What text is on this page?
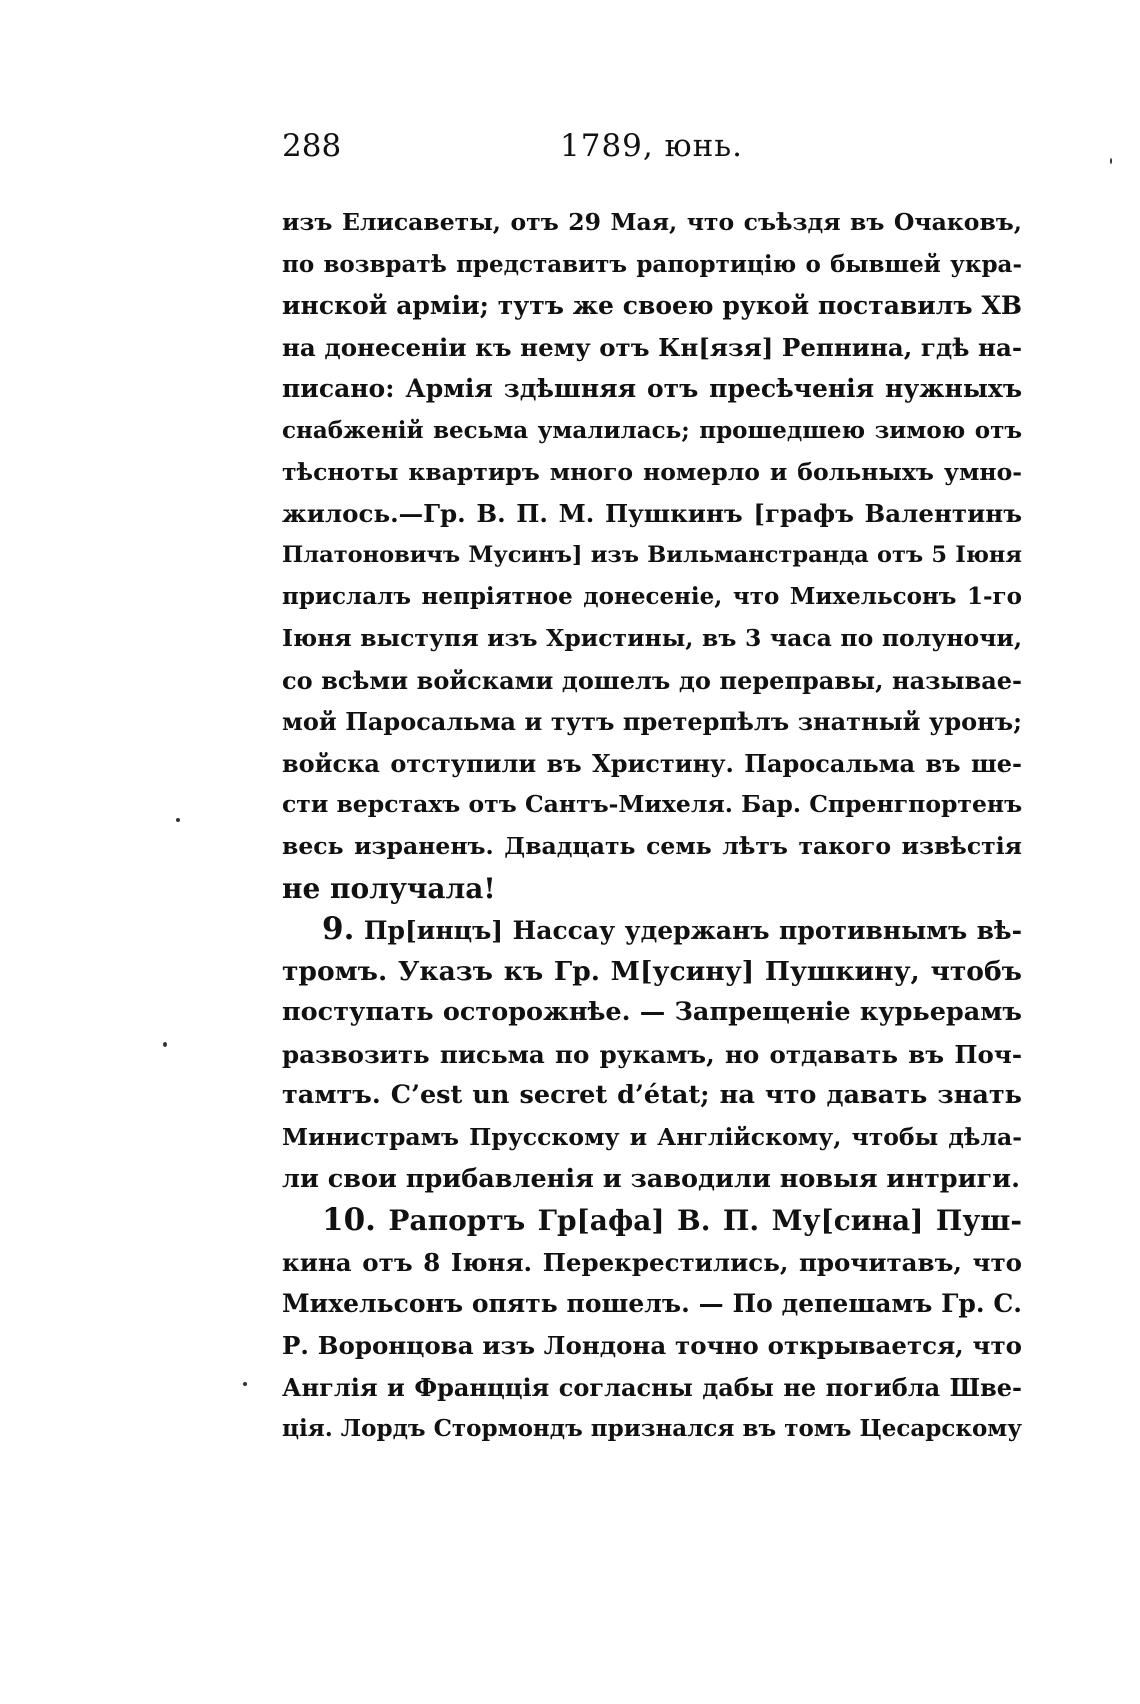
288	1789, юнь.
изъ Елисаветы, отъ 29 Мая, что съѣздя въ Очаковъ,
по возвратѣ представитъ рапортицію о бывшей укра-
инской арміи; тутъ же своею рукой поставилъ ХВ
на донесеніи къ нему отъ Кн[язя] Репнина, гдѣ на-
писано: Армія здѣшняя отъ пресѣченія нужныхъ
снабженій весьма умалилась; прошедшею зимою отъ
тѣсноты квартиръ много номерло и больныхъ умно-
жилось.—Гр. В. П. М. Пушкинъ [графъ Валентинъ
Платоновичъ Мусинъ] изъ Вильманстранда отъ 5 Іюня
прислалъ непріятное донесеніе, что Михельсонъ 1-го
Іюня выступя изъ Христины, въ 3 часа по полуночи,
со всѣми войсками дошелъ до переправы, называе-
мой Паросальма и тутъ претерпѣлъ знатный уронъ;
войска отступили въ Христину. Паросальма въ ше-
сти верстахъ отъ Сантъ-Михеля. Бар. Спренгпортенъ
весь израненъ. Двадцать семь лѣтъ такого извѣстія
не получала!
9. Пр[инцъ] Нассау удержанъ противнымъ вѣ-
тромъ. Указъ къ Гр. М[усину] Пушкину, чтобъ
поступать осторожнѣе. — Запрещеніе курьерамъ
развозить письма по рукамъ, но отдавать въ Поч-
тамтъ. C’est un secret d’état; на что давать знать
Министрамъ Прусскому и Англійскому, чтобы дѣла-
ли свои прибавленія и заводили новыя интриги.
10. Рапортъ Гр[афа] В. П. Му[сина] Пуш-
кина отъ 8 Іюня. Перекрестились, прочитавъ, что
Михельсонъ опять пошелъ. — По депешамъ Гр. С.
Р. Воронцова изъ Лондона точно открывается, что
Англія и Францція согласны дабы не погибла Шве-
ція. Лордъ Стормондъ признался въ томъ Цесарскому
